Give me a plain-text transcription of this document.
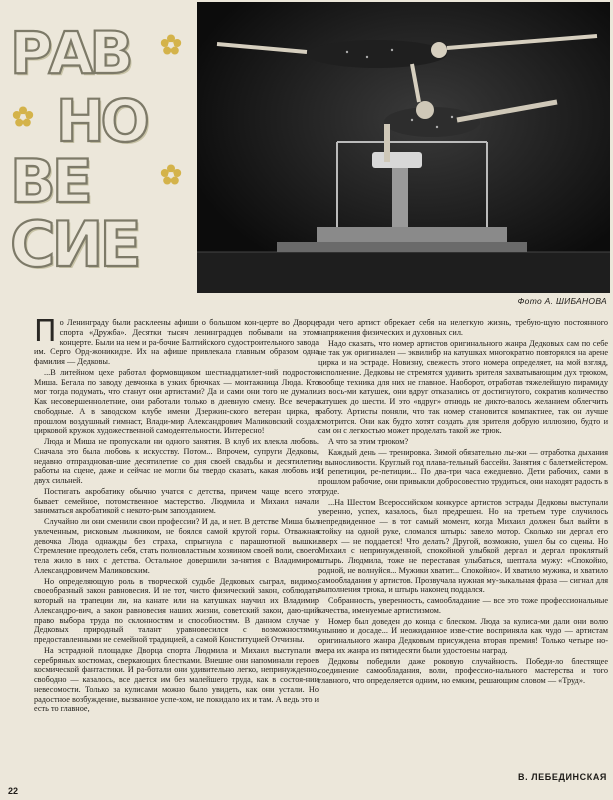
РАВ
НО
ВЕ
СИЕ
Фото А. ШИБАНОВА

По Ленинграду были расклеены афиши о большом кон-церте во Дворце спорта «Дружба». Десятки тысяч ленинградцев побывали на этом концерте. Были на нем и ра-бочие Балтийского судостроительного завода им. Серго Орд-жоникидзе. Их на афише привлекала главным образом одна фамилия — Дедковы.

...В литейном цехе работал формовщиком шестнадцатилет-ний подросток Миша. Бегала по заводу девчонка в узких брючках — монтажница Люда. Кто мог тогда подумать, что станут они артистами? Да и сами они того не думали. Как несовершеннолетние, они работали только в дневную смену. Все вечера свободные. А в заводском клубе имени Дзержин-ского ветеран цирка, в прошлом воздушный гимнаст, Влади-мир Александрович Маликовский создал цирковой кружок художественной самодеятельности. Интересно!

Люда и Миша не пропускали ни одного занятия. В клуб их влекла любовь. Сначала это была любовь к искусству. Потом... Впрочем, супруги Дедковы, недавно отпраздновав-шие десятилетие со дня своей свадьбы и десятилетие работы на сцене, даже и сейчас не могли бы твердо сказать, какая любовь из двух сильней.

Постигать акробатику обычно учатся с детства, причем чаще всего это бывает семейное, потомственное мастерство. Людмила и Михаил начали заниматься акробатикой с некото-рым запозданием.

Случайно ли они сменили свои профессии? И да, и нет. В детстве Миша был увлеченным, рисковым лыжником, не боялся самой крутой горы. Отважная девочка Люда однажды без страха, спрыгнула с парашютной вышки. Стремление преодолеть себя, стать полновластным хозяином своей воли, своего тела жило в них с детства. Остальное довершили за-нятия с Владимиром Александровичем Маликовским.

Но определяющую роль в творческой судьбе Дедковых сыграл, видимо, своеобразный закон равновесия. И не тот, чисто физический закон, соблюдать который на трапеции ли, на канате или на катушках научил их Владимир Александро-вич, а закон равновесия наших жизни, советский закон, даю-щий право выбора труда по склонностям и способностям. В данном случае у Дедковых природный талант уравновесился с возможностями, предоставленными не семейной традицией, а самой Конституцией Отчизны.

На эстрадной площадке Дворца спорта Людмила и Михаил выступали в серебряных костюмах, сверкающих блестками. Внешне они напоминали героев космической фантастики. И ра-ботали они удивительно легко, непринужденно, свободно — казалось, все дается им без малейшего труда, как в состоя-нии невесомости. Только за кулисами можно было увидеть, как они устали. Но радостное возбуждение, вызванное успе-хом, не покидало их и там. А ведь это и есть то главное,

ради чего артист обрекает себя на нелегкую жизнь, требую-щую постоянного напряжения физических и духовных сил.

Надо сказать, что номер артистов оригинального жанра Дедковых сам по себе не так уж оригинален — эквилибр на катушках многократно повторялся на арене цирка и на эстраде. Новизну, свежесть этого номера определяет, на мой взгляд, исполнение. Дедковы не стремятся удивить зрителя захватывающим дух трюком, вообще техника для них не главное. Наоборот, отработав тяжелейшую пирамиду из вось-ми катушек, они вдруг отказались от достигнутого, сократив количество катушек до шести. И это «вдруг» отнюдь не дикто-валось желанием облегчить работу. Артисты поняли, что так номер становится компактнее, так он лучше смотрится. Они как будто хотят создать для зрителя добрую иллюзию, будто и сам он с легкостью может проделать такой же трюк.

А что за этим трюком?

Каждый день — тренировка. Зимой обязательно лы-жи — отработка дыхания и выносливости. Круглый год плава-тельный бассейн. Занятия с балетмейстером. И репетиции, ре-петиции... По два-три часа ежедневно. Дети рабочих, сами в прошлом рабочие, они привыкли добросовестно трудиться, они находят радость в труде.

...На Шестом Всероссийском конкурсе артистов эстрады Дедковы выступали уверенно, успех, казалось, был предрешен. Но на третьем туре случилось непредвиденное — в тот самый момент, когда Михаил должен был выйти в стойку на одной руке, сломался штырь: завело мотор. Сколько ни дергал его вверх — не поддается! Что делать? Другой, возможно, ушел бы со сцены. Но Михаил с непринужденной, спокойной улыбкой дергал и дергал проклятый штырь. Людмила, тоже не переставая улыбаться, шептала мужу: «Спокойно, родной, не волнуйся... Мужики хватит... Спокойно». И хватило мужика, и хватило самообладания у артистов. Прозвучала нужная му-зыкальная фраза — сигнал для выполнения трюка, и штырь наконец поддался.

Собранность, уверенность, самообладание — все это тоже профессиональные качества, именуемые артистизмом.

Номер был доведен до конца с блеском. Люда за кулиса-ми дали они волю унынию и досаде... И неожиданное изве-стие восприняла как чудо — артистам оригинального жанра Дедковым присуждена вторая премия! Только четыре но-мера их жанра из пятидесяти были удостоены наград.

Дедковы победили даже роковую случайность. Победи-ло блестящее соединение самообладания, воли, профессио-нального мастерства и того главного, что определяется одним, но емким, решающим словом — «Труд».

В. ЛЕБЕДИНСКАЯ
22
